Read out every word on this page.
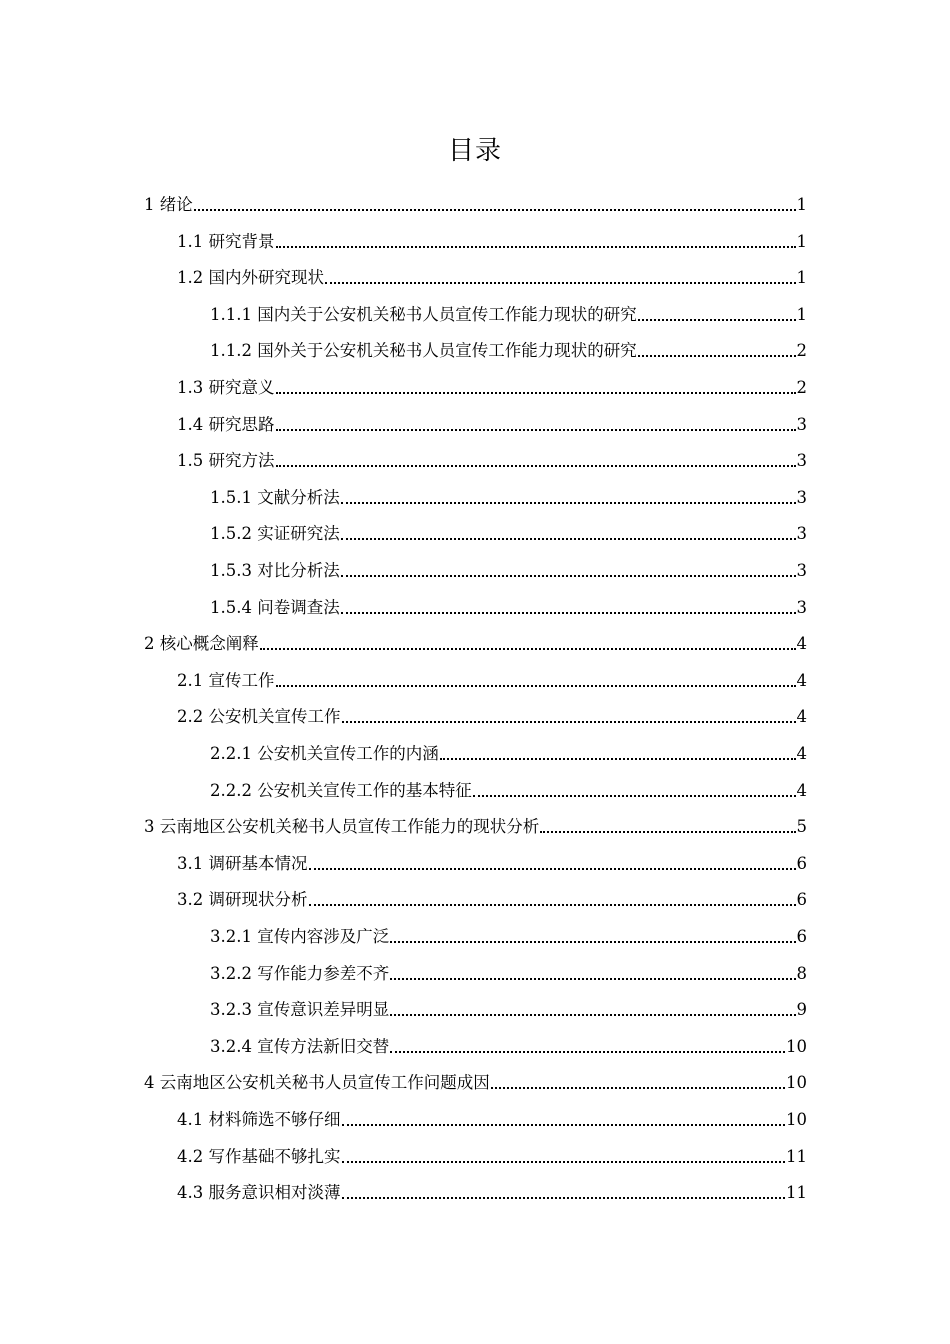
目录
1 绪论	1
1.1 研究背景	1
1.2 国内外研究现状	1
1.1.1 国内关于公安机关秘书人员宣传工作能力现状的研究	1
1.1.2 国外关于公安机关秘书人员宣传工作能力现状的研究	2
1.3 研究意义	2
1.4 研究思路	3
1.5 研究方法	3
1.5.1 文献分析法	3
1.5.2 实证研究法	3
1.5.3 对比分析法	3
1.5.4 问卷调查法	3
2 核心概念阐释	4
2.1 宣传工作	4
2.2 公安机关宣传工作	4
2.2.1 公安机关宣传工作的内涵	4
2.2.2 公安机关宣传工作的基本特征	4
3 云南地区公安机关秘书人员宣传工作能力的现状分析	5
3.1 调研基本情况	6
3.2 调研现状分析	6
3.2.1 宣传内容涉及广泛	6
3.2.2 写作能力参差不齐	8
3.2.3 宣传意识差异明显	9
3.2.4 宣传方法新旧交替	10
4 云南地区公安机关秘书人员宣传工作问题成因	10
4.1 材料筛选不够仔细	10
4.2 写作基础不够扎实	11
4.3 服务意识相对淡薄	11
